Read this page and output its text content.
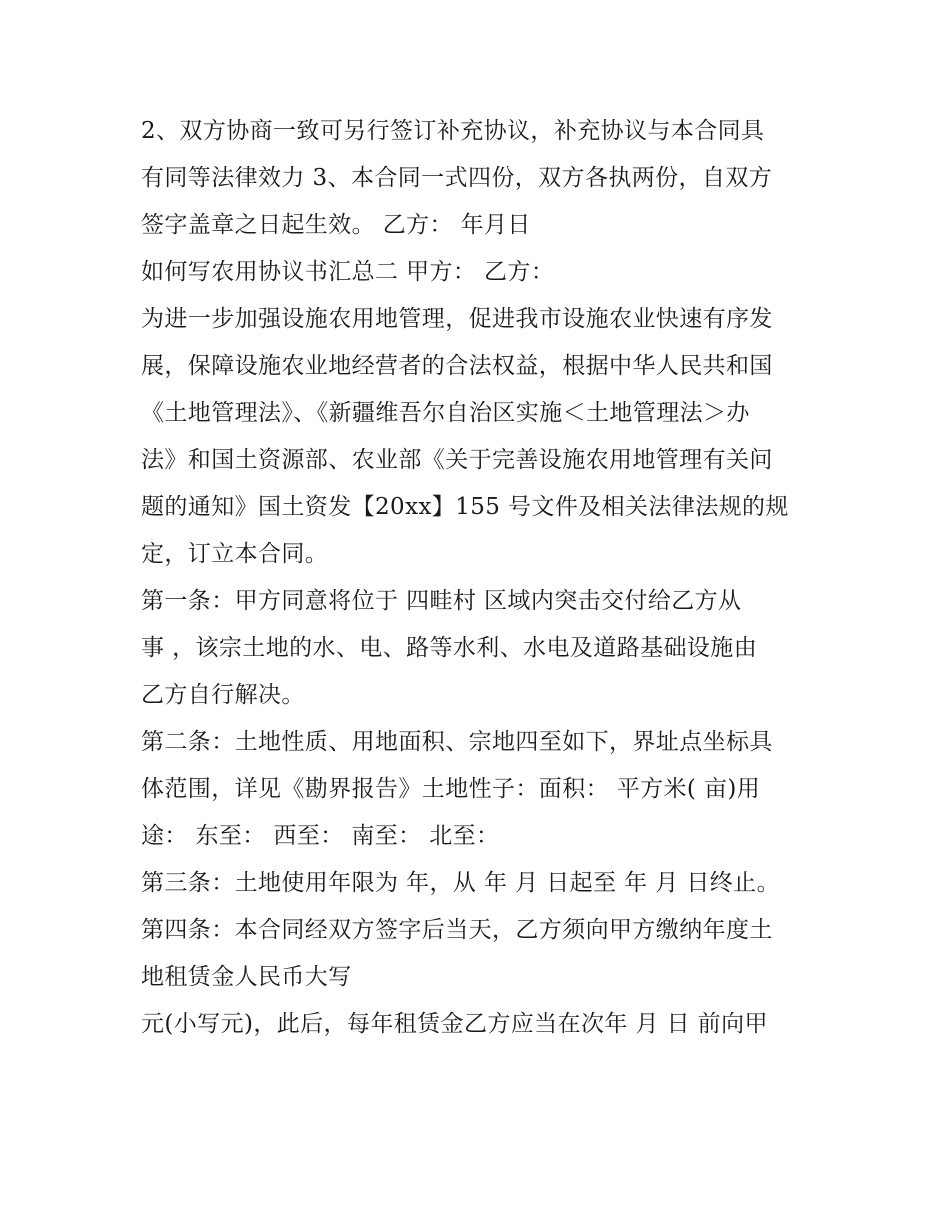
2、双方协商一致可另行签订补充协议，补充协议与本合同具
有同等法律效力 3、本合同一式四份，双方各执两份，自双方
签字盖章之日起生效。 乙方： 年月日
如何写农用协议书汇总二 甲方： 乙方：
为进一步加强设施农用地管理，促进我市设施农业快速有序发
展，保障设施农业地经营者的合法权益，根据中华人民共和国
《土地管理法》、《新疆维吾尔自治区实施＜土地管理法＞办
法》和国土资源部、农业部《关于完善设施农用地管理有关问
题的通知》国土资发【20xx】155 号文件及相关法律法规的规
定，订立本合同。
第一条：甲方同意将位于 四畦村 区域内突击交付给乙方从
事 ，该宗土地的水、电、路等水利、水电及道路基础设施由
乙方自行解决。
第二条：土地性质、用地面积、宗地四至如下，界址点坐标具
体范围，详见《勘界报告》土地性子：面积： 平方米( 亩)用
途： 东至： 西至： 南至： 北至：
第三条：土地使用年限为 年，从 年 月 日起至 年 月 日终止。
第四条：本合同经双方签字后当天，乙方须向甲方缴纳年度土
地租赁金人民币大写
元(小写元)，此后，每年租赁金乙方应当在次年 月 日 前向甲
